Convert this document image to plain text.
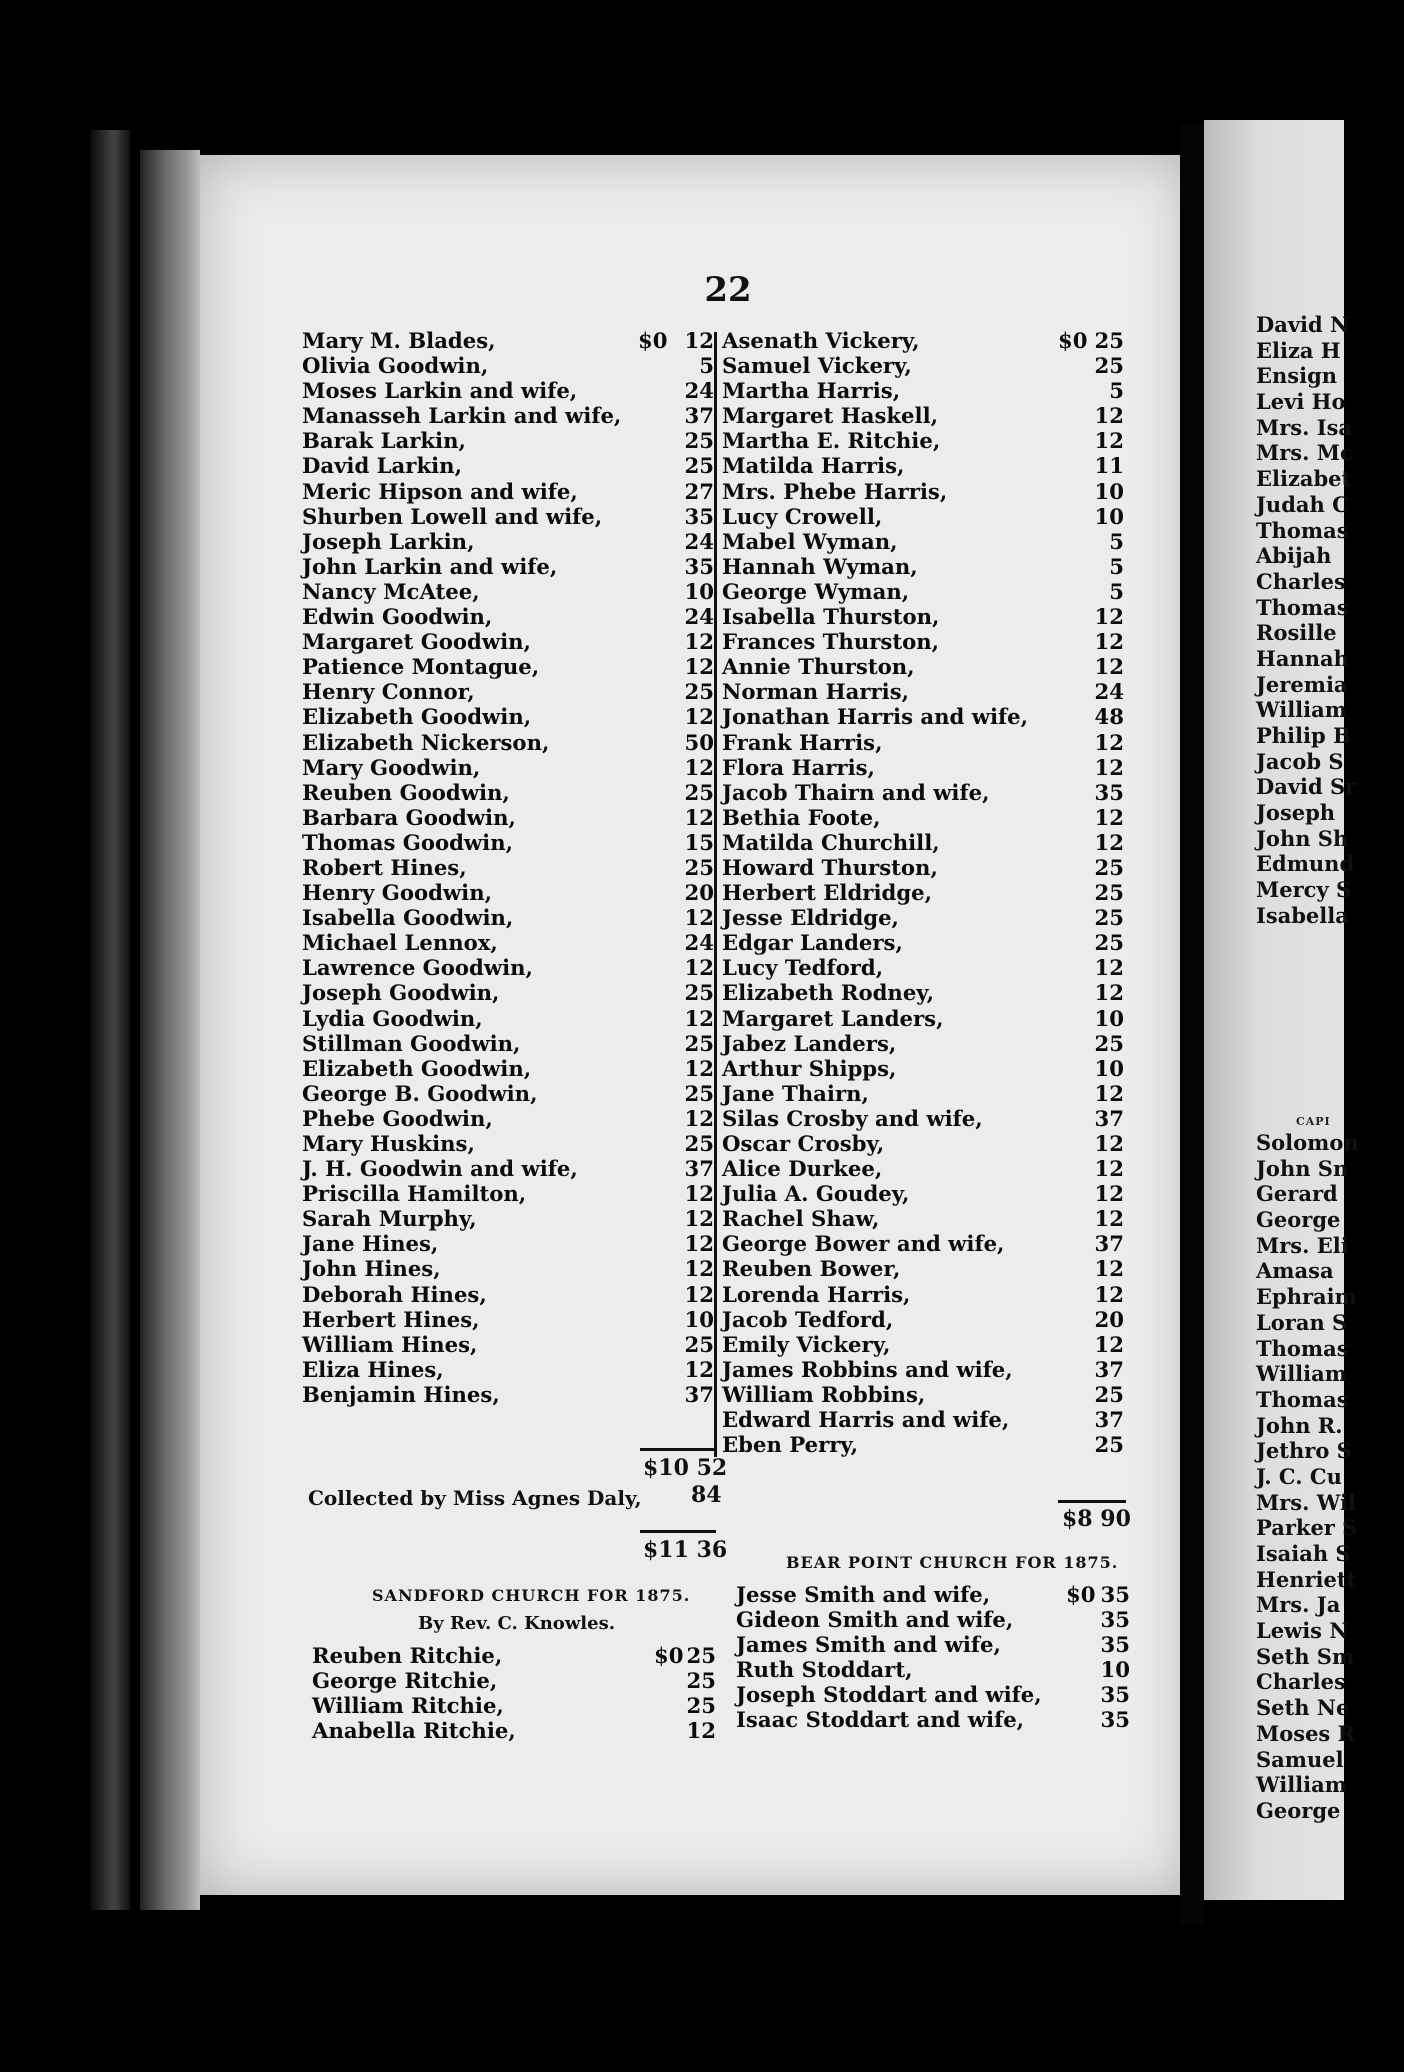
David N
Eliza H
Ensign
Levi Ho
Mrs. Isa
Mrs. Mc
Elizabet
Judah C
Thomas
Abijah
Charles
Thomas
Rosille
Hannah
Jeremia
William
Philip B
Jacob S
David Sr
Joseph
John Sh
Edmund
Mercy S
Isabella
CAPI
Solomon
John Sn
Gerard
George
Mrs. Eli
Amasa
Ephraim
Loran S
Thomas
William
Thomas
John R.
Jethro S
J. C. Cu
Mrs. Wil
Parker S
Isaiah S
Henriett
Mrs. Ja
Lewis N
Seth Sm
Charles
Seth Ne
Moses R
Samuel
William
George
22
Mary M. Blades,	$0 12
Olivia Goodwin,	5
Moses Larkin and wife,	24
Manasseh Larkin and wife,	37
Barak Larkin,	25
David Larkin,	25
Meric Hipson and wife,	27
Shurben Lowell and wife,	35
Joseph Larkin,	24
John Larkin and wife,	35
Nancy McAtee,	10
Edwin Goodwin,	24
Margaret Goodwin,	12
Patience Montague,	12
Henry Connor,	25
Elizabeth Goodwin,	12
Elizabeth Nickerson,	50
Mary Goodwin,	12
Reuben Goodwin,	25
Barbara Goodwin,	12
Thomas Goodwin,	15
Robert Hines,	25
Henry Goodwin,	20
Isabella Goodwin,	12
Michael Lennox,	24
Lawrence Goodwin,	12
Joseph Goodwin,	25
Lydia Goodwin,	12
Stillman Goodwin,	25
Elizabeth Goodwin,	12
George B. Goodwin,	25
Phebe Goodwin,	12
Mary Huskins,	25
J. H. Goodwin and wife,	37
Priscilla Hamilton,	12
Sarah Murphy,	12
Jane Hines,	12
John Hines,	12
Deborah Hines,	12
Herbert Hines,	10
William Hines,	25
Eliza Hines,	12
Benjamin Hines,	37
Asenath Vickery,	$0 25
Samuel Vickery,	25
Martha Harris,	5
Margaret Haskell,	12
Martha E. Ritchie,	12
Matilda Harris,	11
Mrs. Phebe Harris,	10
Lucy Crowell,	10
Mabel Wyman,	5
Hannah Wyman,	5
George Wyman,	5
Isabella Thurston,	12
Frances Thurston,	12
Annie Thurston,	12
Norman Harris,	24
Jonathan Harris and wife,	48
Frank Harris,	12
Flora Harris,	12
Jacob Thairn and wife,	35
Bethia Foote,	12
Matilda Churchill,	12
Howard Thurston,	25
Herbert Eldridge,	25
Jesse Eldridge,	25
Edgar Landers,	25
Lucy Tedford,	12
Elizabeth Rodney,	12
Margaret Landers,	10
Jabez Landers,	25
Arthur Shipps,	10
Jane Thairn,	12
Silas Crosby and wife,	37
Oscar Crosby,	12
Alice Durkee,	12
Julia A. Goudey,	12
Rachel Shaw,	12
George Bower and wife,	37
Reuben Bower,	12
Lorenda Harris,	12
Jacob Tedford,	20
Emily Vickery,	12
James Robbins and wife,	37
William Robbins,	25
Edward Harris and wife,	37
Eben Perry,	25
$10 52
Collected by Miss Agnes Daly, 84
$11 36
SANDFORD CHURCH FOR 1875.
By Rev. C. Knowles.
Reuben Ritchie,	$0 25
George Ritchie,	25
William Ritchie,	25
Anabella Ritchie,	12
$8 90
BEAR POINT CHURCH FOR 1875.
Jesse Smith and wife,	$0 35
Gideon Smith and wife,	35
James Smith and wife,	35
Ruth Stoddart,	10
Joseph Stoddart and wife,	35
Isaac Stoddart and wife,	35
